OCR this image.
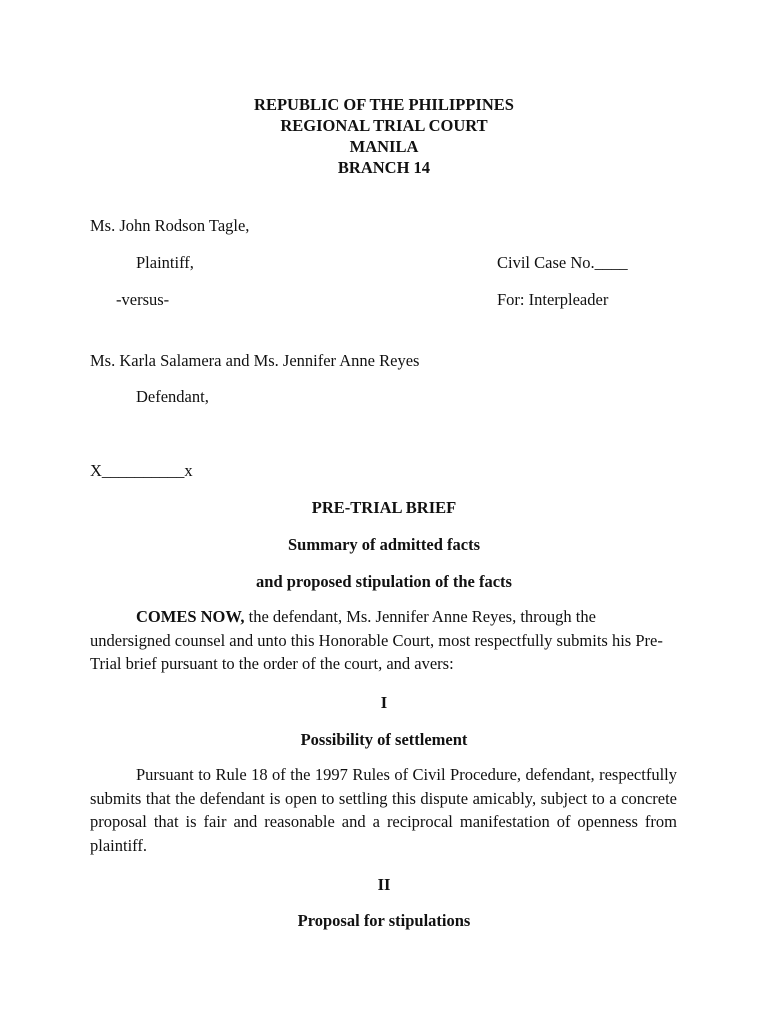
REPUBLIC OF THE PHILIPPINES
REGIONAL TRIAL COURT
MANILA
BRANCH 14
Ms. John Rodson Tagle,
Plaintiff,	Civil Case No.____
-versus-	For: Interpleader
Ms. Karla Salamera and Ms. Jennifer Anne Reyes
Defendant,
X__________x
PRE-TRIAL BRIEF
Summary of admitted facts
and proposed stipulation of the facts

COMES NOW, the defendant, Ms. Jennifer Anne Reyes, through the undersigned counsel and unto this Honorable Court, most respectfully submits his Pre-Trial brief pursuant to the order of the court, and avers:

I
Possibility of settlement

Pursuant to Rule 18 of the 1997 Rules of Civil Procedure, defendant, respectfully submits that the defendant is open to settling this dispute amicably, subject to a concrete proposal that is fair and reasonable and a reciprocal manifestation of openness from plaintiff.

II
Proposal for stipulations
